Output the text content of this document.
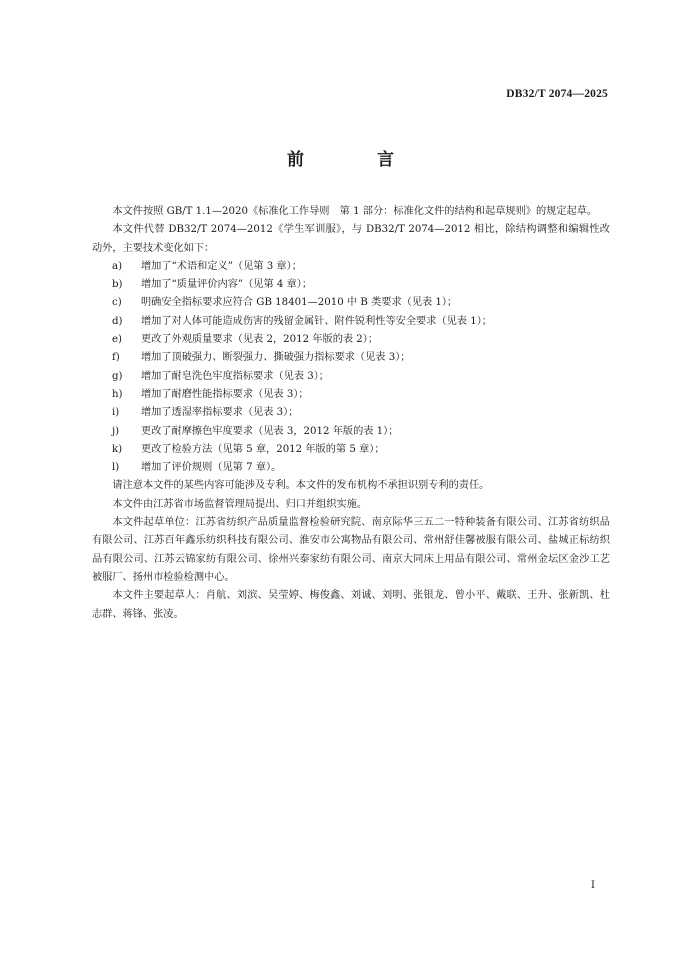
DB32/T 2074—2025
前　言

本文件按照 GB/T 1.1—2020《标准化工作导则　第 1 部分：标准化文件的结构和起草规则》的规定起草。

本文件代替 DB32/T 2074—2012《学生军训服》，与 DB32/T 2074—2012 相比，除结构调整和编辑性改动外，主要技术变化如下：

a)	增加了“术语和定义”（见第 3 章）；
b)	增加了“质量评价内容”（见第 4 章）；
c)	明确安全指标要求应符合 GB 18401—2010 中 B 类要求（见表 1）；
d)	增加了对人体可能造成伤害的残留金属针、附件锐利性等安全要求（见表 1）；
e)	更改了外观质量要求（见表 2，2012 年版的表 2）；
f)	增加了顶破强力、断裂强力、撕破强力指标要求（见表 3）；
g)	增加了耐皂洗色牢度指标要求（见表 3）；
h)	增加了耐磨性能指标要求（见表 3）；
i)	增加了透湿率指标要求（见表 3）；
j)	更改了耐摩擦色牢度要求（见表 3，2012 年版的表 1）；
k)	更改了检验方法（见第 5 章，2012 年版的第 5 章）；
l)	增加了评价规则（见第 7 章）。

请注意本文件的某些内容可能涉及专利。本文件的发布机构不承担识别专利的责任。

本文件由江苏省市场监督管理局提出、归口并组织实施。

本文件起草单位：江苏省纺织产品质量监督检验研究院、南京际华三五二一特种装备有限公司、江苏省纺织品有限公司、江苏百年鑫乐纺织科技有限公司、淮安市公寓物品有限公司、常州舒佳馨被服有限公司、盐城正标纺织品有限公司、江苏云锦家纺有限公司、徐州兴泰家纺有限公司、南京大同床上用品有限公司、常州金坛区金沙工艺被服厂、扬州市检验检测中心。

本文件主要起草人：肖航、刘滨、吴莹婷、梅俊鑫、刘诚、刘明、张银龙、曾小平、戴联、王升、张新凯、杜志群、蒋锋、张凌。

I
